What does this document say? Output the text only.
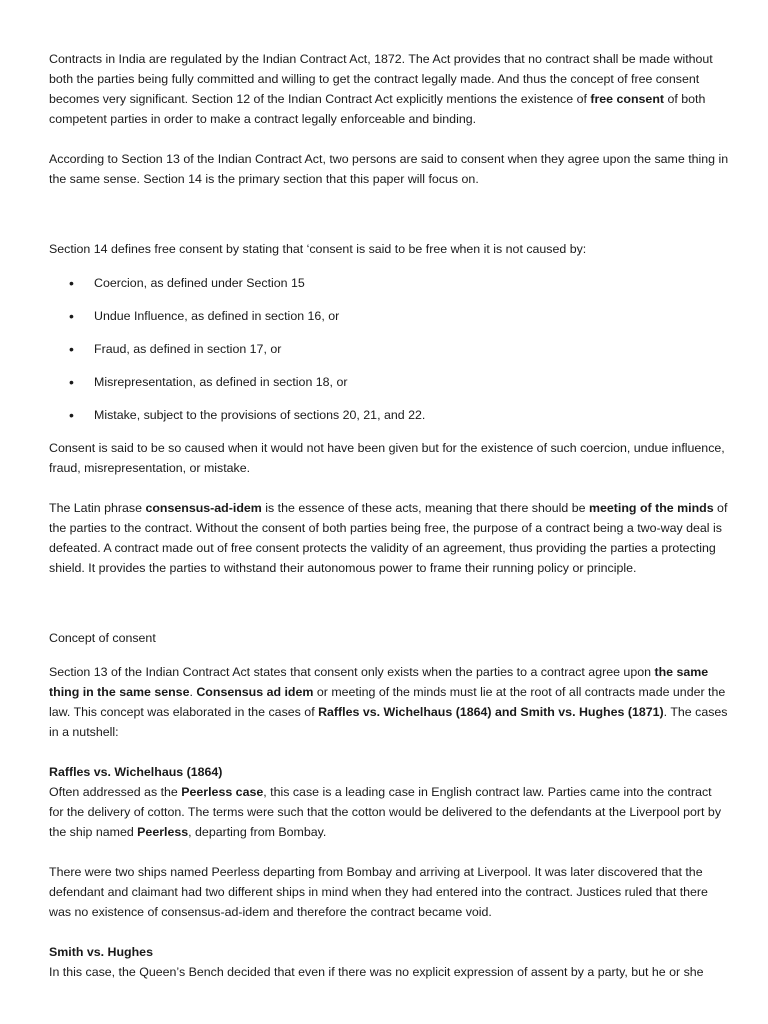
Contracts in India are regulated by the Indian Contract Act, 1872. The Act provides that no contract shall be made without both the parties being fully committed and willing to get the contract legally made. And thus the concept of free consent becomes very significant. Section 12 of the Indian Contract Act explicitly mentions the existence of free consent of both competent parties in order to make a contract legally enforceable and binding.

According to Section 13 of the Indian Contract Act, two persons are said to consent when they agree upon the same thing in the same sense. Section 14 is the primary section that this paper will focus on.

Section 14 defines free consent by stating that ‘consent is said to be free when it is not caused by:

• Coercion, as defined under Section 15
• Undue Influence, as defined in section 16, or
• Fraud, as defined in section 17, or
• Misrepresentation, as defined in section 18, or
• Mistake, subject to the provisions of sections 20, 21, and 22.

Consent is said to be so caused when it would not have been given but for the existence of such coercion, undue influence, fraud, misrepresentation, or mistake.

The Latin phrase consensus-ad-idem is the essence of these acts, meaning that there should be meeting of the minds of the parties to the contract. Without the consent of both parties being free, the purpose of a contract being a two-way deal is defeated. A contract made out of free consent protects the validity of an agreement, thus providing the parties a protecting shield. It provides the parties to withstand their autonomous power to frame their running policy or principle.

Concept of consent

Section 13 of the Indian Contract Act states that consent only exists when the parties to a contract agree upon the same thing in the same sense. Consensus ad idem or meeting of the minds must lie at the root of all contracts made under the law. This concept was elaborated in the cases of Raffles vs. Wichelhaus (1864) and Smith vs. Hughes (1871). The cases in a nutshell:

Raffles vs. Wichelhaus (1864)

Often addressed as the Peerless case, this case is a leading case in English contract law. Parties came into the contract for the delivery of cotton. The terms were such that the cotton would be delivered to the defendants at the Liverpool port by the ship named Peerless, departing from Bombay.

There were two ships named Peerless departing from Bombay and arriving at Liverpool. It was later discovered that the defendant and claimant had two different ships in mind when they had entered into the contract. Justices ruled that there was no existence of consensus-ad-idem and therefore the contract became void.

Smith vs. Hughes

In this case, the Queen’s Bench decided that even if there was no explicit expression of assent by a party, but he or she
